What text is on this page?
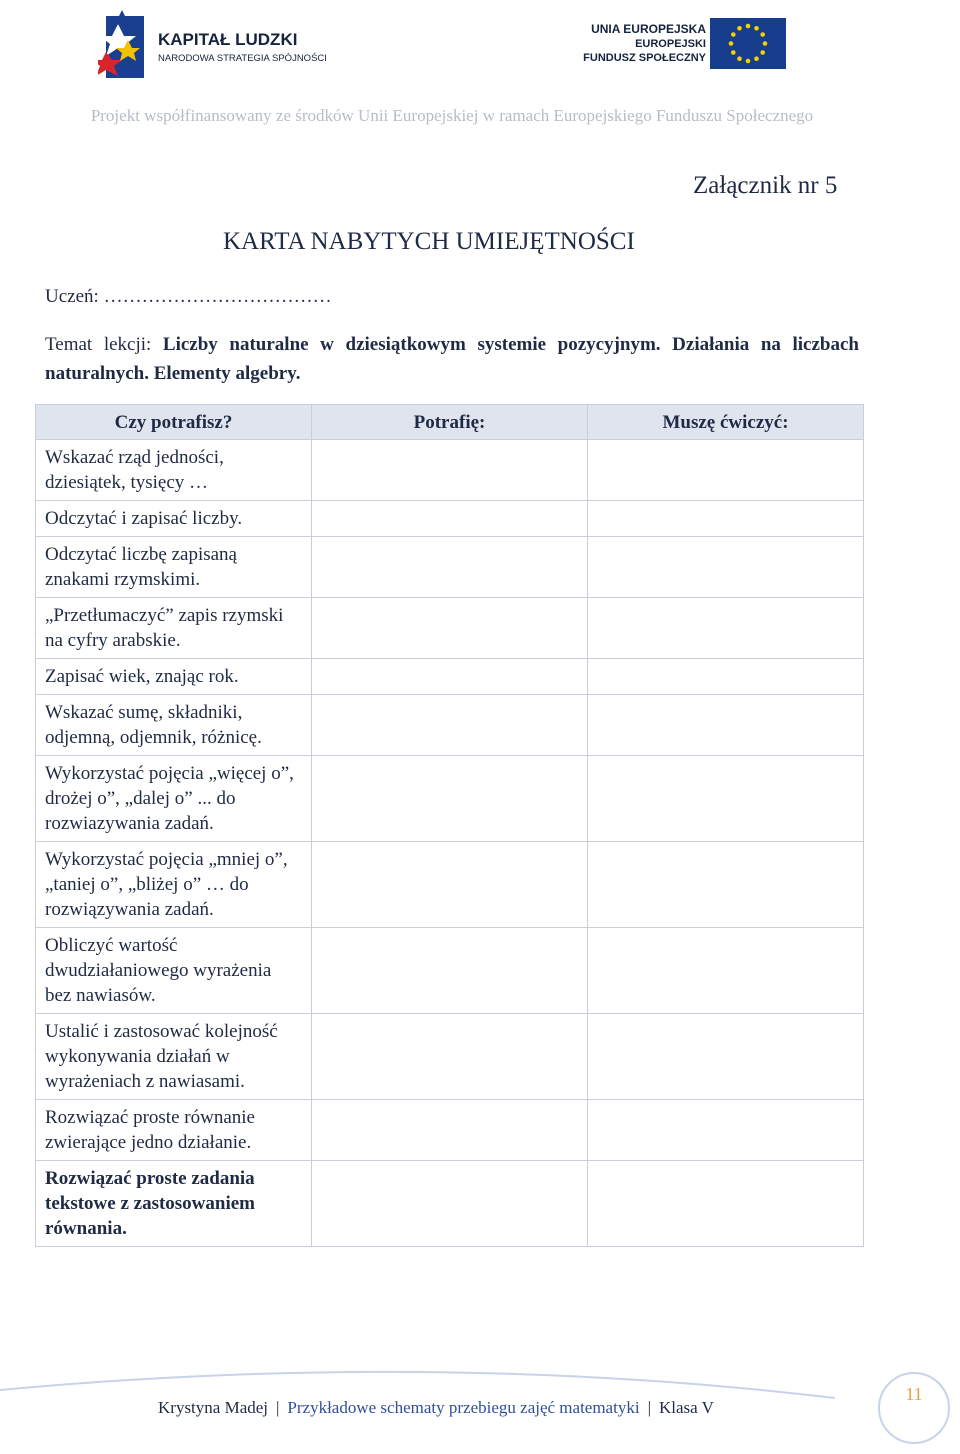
KAPITAŁ LUDZKI
NARODOWA STRATEGIA SPÓJNOŚCI
UNIA EUROPEJSKA
EUROPEJSKI
FUNDUSZ SPOŁECZNY
Projekt współfinansowany ze środków Unii Europejskiej w ramach Europejskiego Funduszu Społecznego
Załącznik nr 5
KARTA NABYTYCH UMIEJĘTNOŚCI
Uczeń: ………………………………
Temat lekcji: Liczby naturalne w dziesiątkowym systemie pozycyjnym. Działania na liczbach naturalnych. Elementy algebry.
Czy potrafisz?	Potrafię:	Muszę ćwiczyć:
Wskazać rząd jedności, dziesiątek, tysięcy …		
Odczytać i zapisać liczby.		
Odczytać liczbę zapisaną znakami rzymskimi.		
„Przetłumaczyć” zapis rzymski na cyfry arabskie.		
Zapisać wiek, znając rok.		
Wskazać sumę, składniki, odjemną, odjemnik, różnicę.		
Wykorzystać pojęcia „więcej o”, drożej o”, „dalej o” ... do rozwiazywania zadań.		
Wykorzystać pojęcia „mniej o”, „taniej o”, „bliżej o” … do rozwiązywania zadań.		
Obliczyć wartość dwudziałaniowego wyrażenia bez nawiasów.		
Ustalić i zastosować kolejność wykonywania działań w wyrażeniach z nawiasami.		
Rozwiązać proste równanie zwierające jedno działanie.		
Rozwiązać proste zadania tekstowe z zastosowaniem równania.		
Krystyna Madej | Przykładowe schematy przebiegu zajęć matematyki | Klasa V
11
